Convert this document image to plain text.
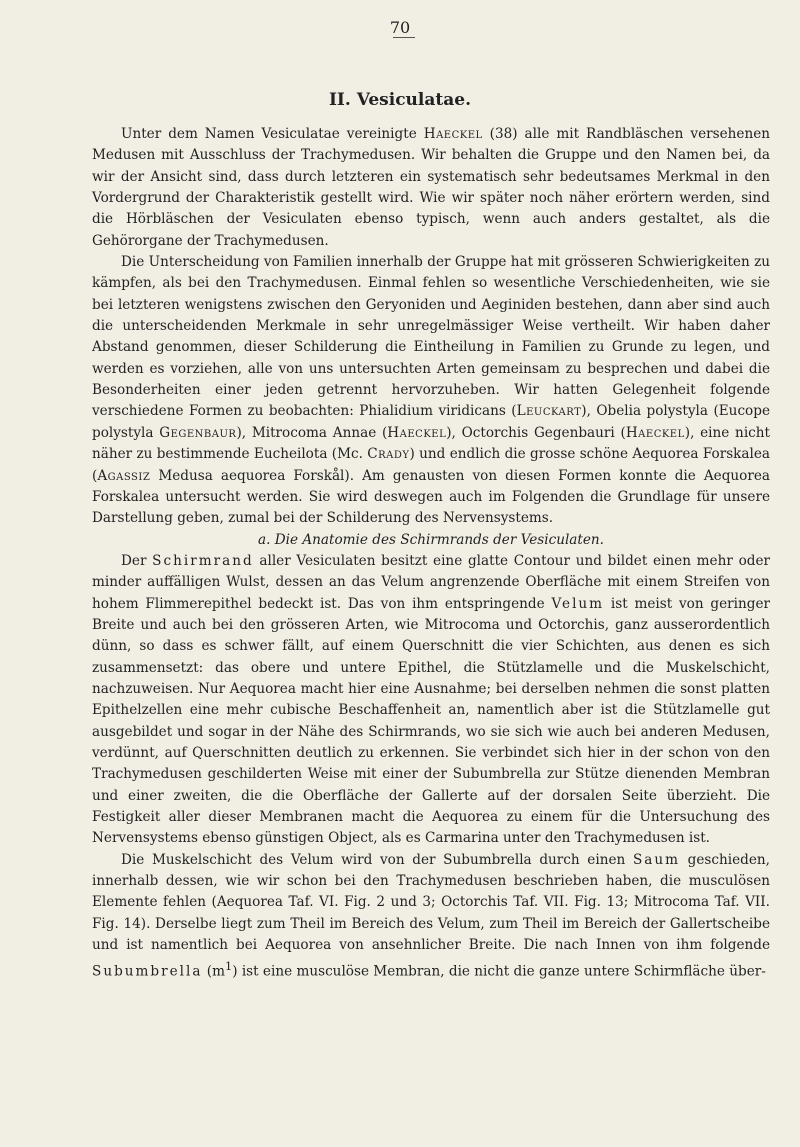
70
II. Vesiculatae.

Unter dem Namen Vesiculatae vereinigte Haeckel (38) alle mit Randbläschen versehenen Medusen mit Ausschluss der Trachymedusen. Wir behalten die Gruppe und den Namen bei, da wir der Ansicht sind, dass durch letzteren ein systematisch sehr bedeutsames Merkmal in den Vordergrund der Charakteristik gestellt wird. Wie wir später noch näher erörtern werden, sind die Hörbläschen der Vesiculaten ebenso typisch, wenn auch anders gestaltet, als die Gehörorgane der Trachymedusen.

Die Unterscheidung von Familien innerhalb der Gruppe hat mit grösseren Schwierigkeiten zu kämpfen, als bei den Trachymedusen. Einmal fehlen so wesentliche Verschiedenheiten, wie sie bei letzteren wenigstens zwischen den Geryoniden und Aeginiden bestehen, dann aber sind auch die unterscheidenden Merkmale in sehr unregelmässiger Weise vertheilt. Wir haben daher Abstand genommen, dieser Schilderung die Eintheilung in Familien zu Grunde zu legen, und werden es vorziehen, alle von uns untersuchten Arten gemeinsam zu besprechen und dabei die Besonderheiten einer jeden getrennt hervorzuheben. Wir hatten Gelegenheit folgende verschiedene Formen zu beobachten: Phialidium viridicans (Leuckart), Obelia polystyla (Eucope polystyla Gegenbaur), Mitrocoma Annae (Haeckel), Octorchis Gegenbauri (Haeckel), eine nicht näher zu bestimmende Eucheilota (Mc. Crady) und endlich die grosse schöne Aequorea Forskalea (Agassiz Medusa aequorea Forskål). Am genausten von diesen Formen konnte die Aequorea Forskalea untersucht werden. Sie wird deswegen auch im Folgenden die Grundlage für unsere Darstellung geben, zumal bei der Schilderung des Nervensystems.

a. Die Anatomie des Schirmrands der Vesiculaten.

Der Schirmrand aller Vesiculaten besitzt eine glatte Contour und bildet einen mehr oder minder auffälligen Wulst, dessen an das Velum angrenzende Oberfläche mit einem Streifen von hohem Flimmerepithel bedeckt ist. Das von ihm entspringende Velum ist meist von geringer Breite und auch bei den grösseren Arten, wie Mitrocoma und Octorchis, ganz ausserordentlich dünn, so dass es schwer fällt, auf einem Querschnitt die vier Schichten, aus denen es sich zusammensetzt: das obere und untere Epithel, die Stützlamelle und die Muskelschicht, nachzuweisen. Nur Aequorea macht hier eine Ausnahme; bei derselben nehmen die sonst platten Epithelzellen eine mehr cubische Beschaffenheit an, namentlich aber ist die Stützlamelle gut ausgebildet und sogar in der Nähe des Schirmrands, wo sie sich wie auch bei anderen Medusen, verdünnt, auf Querschnitten deutlich zu erkennen. Sie verbindet sich hier in der schon von den Trachymedusen geschilderten Weise mit einer der Subumbrella zur Stütze dienenden Membran und einer zweiten, die die Oberfläche der Gallerte auf der dorsalen Seite überzieht. Die Festigkeit aller dieser Membranen macht die Aequorea zu einem für die Untersuchung des Nervensystems ebenso günstigen Object, als es Carmarina unter den Trachymedusen ist.

Die Muskelschicht des Velum wird von der Subumbrella durch einen Saum geschieden, innerhalb dessen, wie wir schon bei den Trachymedusen beschrieben haben, die musculösen Elemente fehlen (Aequorea Taf. VI. Fig. 2 und 3; Octorchis Taf. VII. Fig. 13; Mitrocoma Taf. VII. Fig. 14). Derselbe liegt zum Theil im Bereich des Velum, zum Theil im Bereich der Gallertscheibe und ist namentlich bei Aequorea von ansehnlicher Breite. Die nach Innen von ihm folgende Subumbrella $(m^1)$ ist eine musculöse Membran, die nicht die ganze untere Schirmfläche über-
